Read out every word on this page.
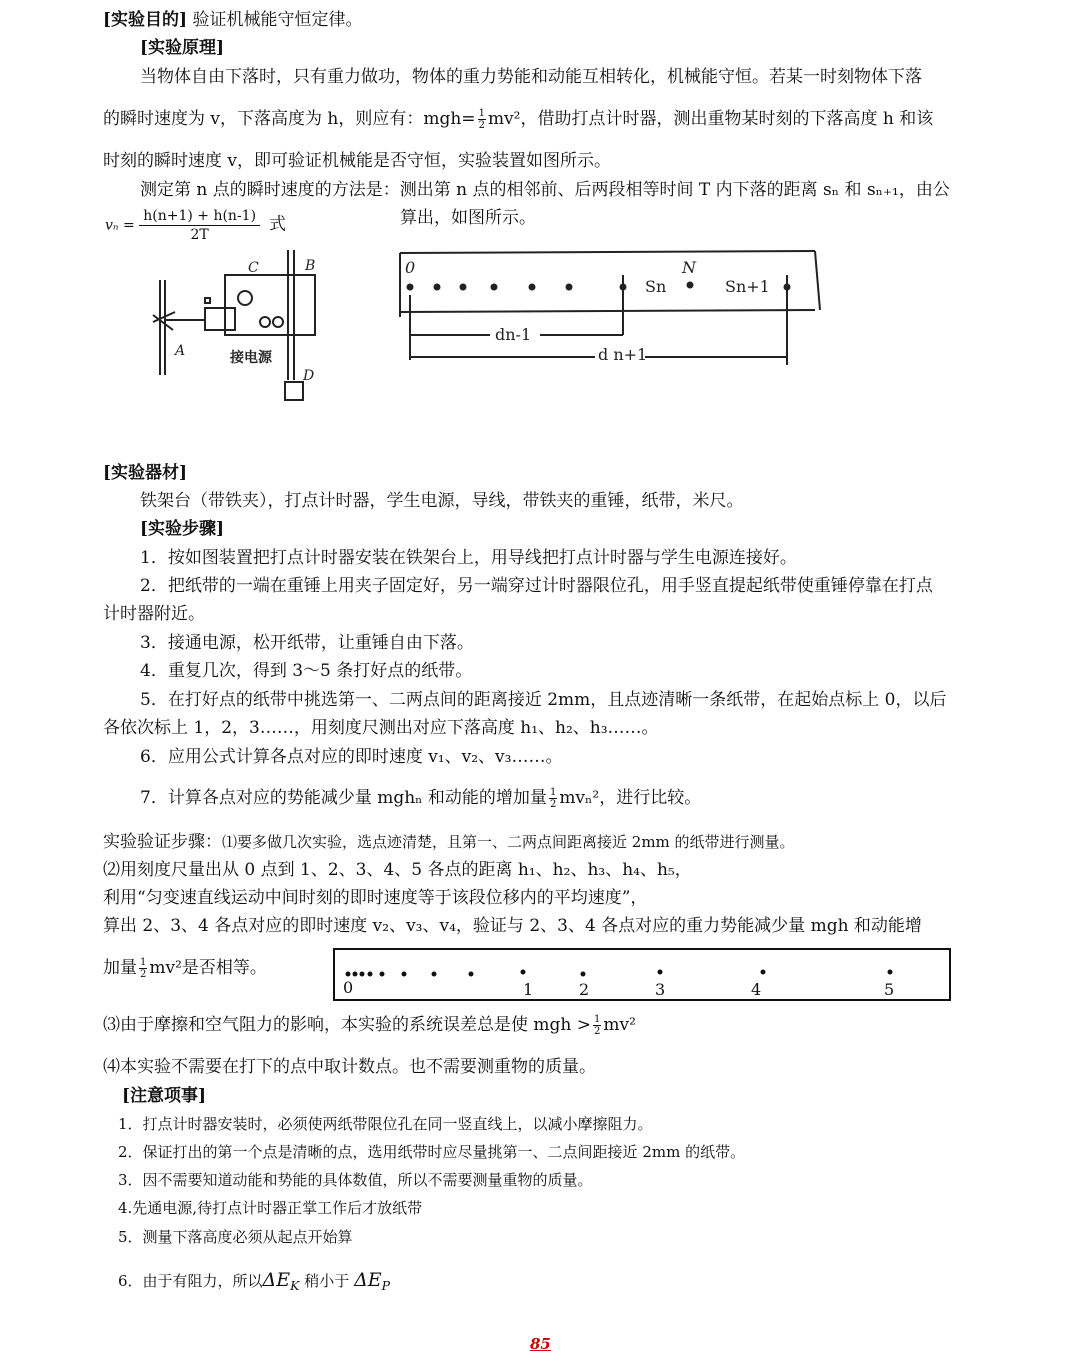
[实验目的] 验证机械能守恒定律。
[实验原理]
当物体自由下落时，只有重力做功，物体的重力势能和动能互相转化，机械能守恒。若某一时刻物体下落
的瞬时速度为 v，下落高度为 h，则应有：$mgh= \frac{1}{2} mv^2$，借助打点计时器，测出重物某时刻的下落高度 h 和该
时刻的瞬时速度 v，即可验证机械能是否守恒，实验装置如图所示。
测定第 n 点的瞬时速度的方法是：测出第 n 点的相邻前、后两段相等时间 T 内下落的距离 sₙ 和 sₙ₊₁，由公
$v_n = \frac{h(n+1) + h(n-1)}{2T}$ 式	算出，如图所示。
C	B
A
D
接电源
0	N
Sn	Sn+1
dn-1
d n+1
[实验器材]
铁架台（带铁夹），打点计时器，学生电源，导线，带铁夹的重锤，纸带，米尺。
[实验步骤]
1．按如图装置把打点计时器安装在铁架台上，用导线把打点计时器与学生电源连接好。
2．把纸带的一端在重锤上用夹子固定好，另一端穿过计时器限位孔，用手竖直提起纸带使重锤停靠在打点
计时器附近。
3．接通电源，松开纸带，让重锤自由下落。
4．重复几次，得到 3～5 条打好点的纸带。
5．在打好点的纸带中挑选第一、二两点间的距离接近 2mm，且点迹清晰一条纸带，在起始点标上 0，以后
各依次标上 1，2，3……，用刻度尺测出对应下落高度 h₁、h₂、h₃……。
6．应用公式计算各点对应的即时速度 v₁、v₂、v₃……。
7．计算各点对应的势能减少量 mghₙ 和动能的增加量 $\frac{1}{2} mv_n^2$，进行比较。
实验验证步骤：⑴要多做几次实验，选点迹清楚，且第一、二两点间距离接近 2mm 的纸带进行测量。
⑵用刻度尺量出从 0 点到 1、2、3、4、5 各点的距离 h₁、h₂、h₃、h₄、h₅，
利用“匀变速直线运动中间时刻的即时速度等于该段位移内的平均速度”，
算出 2、3、4 各点对应的即时速度 v₂、v₃、v₄，验证与 2、3、4 各点对应的重力势能减少量 mgh 和动能增
加量 $\frac{1}{2} mv^2$是否相等。
0	1	2	3	4	5
⑶由于摩擦和空气阻力的影响，本实验的系统误差总是使 mgh > $\frac{1}{2} mv^2$
⑷本实验不需要在打下的点中取计数点。也不需要测重物的质量。
[注意项事]
1．打点计时器安装时，必须使两纸带限位孔在同一竖直线上，以减小摩擦阻力。
2．保证打出的第一个点是清晰的点，选用纸带时应尽量挑第一、二点间距接近 2mm 的纸带。
3．因不需要知道动能和势能的具体数值，所以不需要测量重物的质量。
4.先通电源,待打点计时器正掌工作后才放纸带
5．测量下落高度必须从起点开始算
6．由于有阻力，所以$\Delta E_K$ 稍小于 $\Delta E_P$
85
